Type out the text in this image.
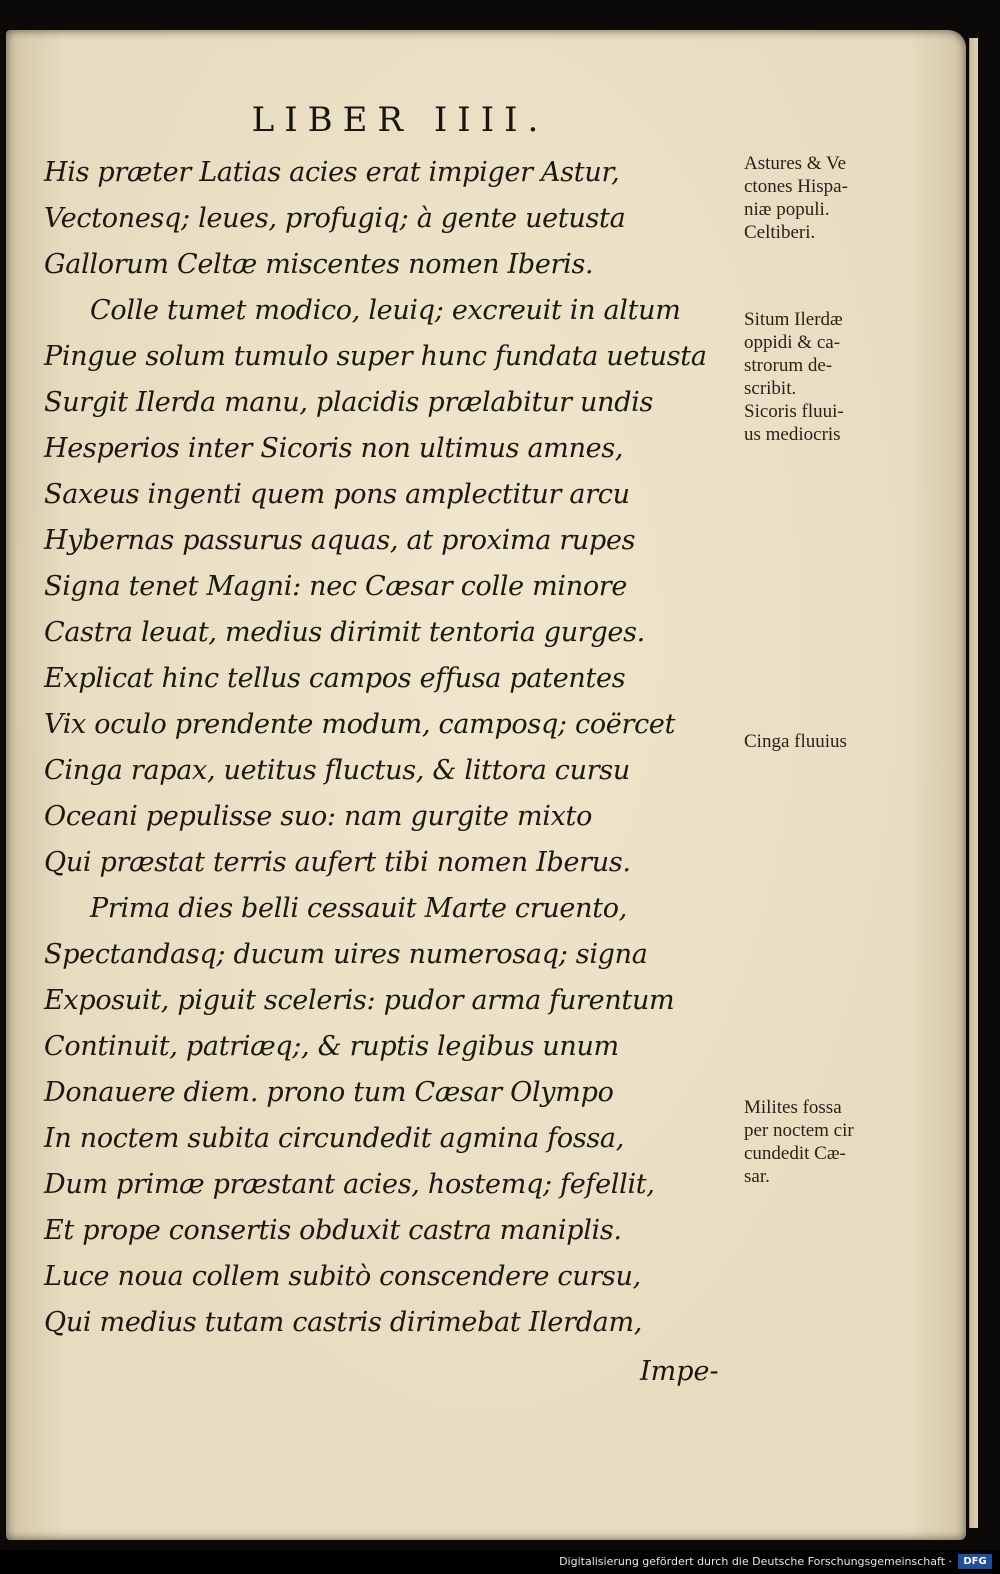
LIBER IIII.
His præter Latias acies erat impiger Astur,
Vectonesq; leues, profugiq; à gente uetusta
Gallorum Celtæ miscentes nomen Iberis.
Colle tumet modico, leuiq; excreuit in altum
Pingue solum tumulo super hunc fundata uetusta
Surgit Ilerda manu, placidis prælabitur undis
Hesperios inter Sicoris non ultimus amnes,
Saxeus ingenti quem pons amplectitur arcu
Hybernas passurus aquas, at proxima rupes
Signa tenet Magni: nec Cæsar colle minore
Castra leuat, medius dirimit tentoria gurges.
Explicat hinc tellus campos effusa patentes
Vix oculo prendente modum, camposq; coërcet
Cinga rapax, uetitus fluctus, & littora cursu
Oceani pepulisse suo: nam gurgite mixto
Qui præstat terris aufert tibi nomen Iberus.
Prima dies belli cessauit Marte cruento,
Spectandasq; ducum uires numerosaq; signa
Exposuit, piguit sceleris: pudor arma furentum
Continuit, patriæq;, & ruptis legibus unum
Donauere diem. prono tum Cæsar Olympo
In noctem subita circundedit agmina fossa,
Dum primæ præstant acies, hostemq; fefellit,
Et prope consertis obduxit castra maniplis.
Luce noua collem subitò conscendere cursu,
Qui medius tutam castris dirimebat Ilerdam,
Impe-
Astures & Ve
ctones Hispa-
niæ populi.
Celtiberi.
Situm Ilerdæ
oppidi & ca-
strorum de-
scribit.
Sicoris fluui-
us mediocris
Cinga fluuius
Milites fossa
per noctem cir
cundedit Cæ-
sar.
Digitalisierung gefördert durch die Deutsche Forschungsgemeinschaft ·	DFG
